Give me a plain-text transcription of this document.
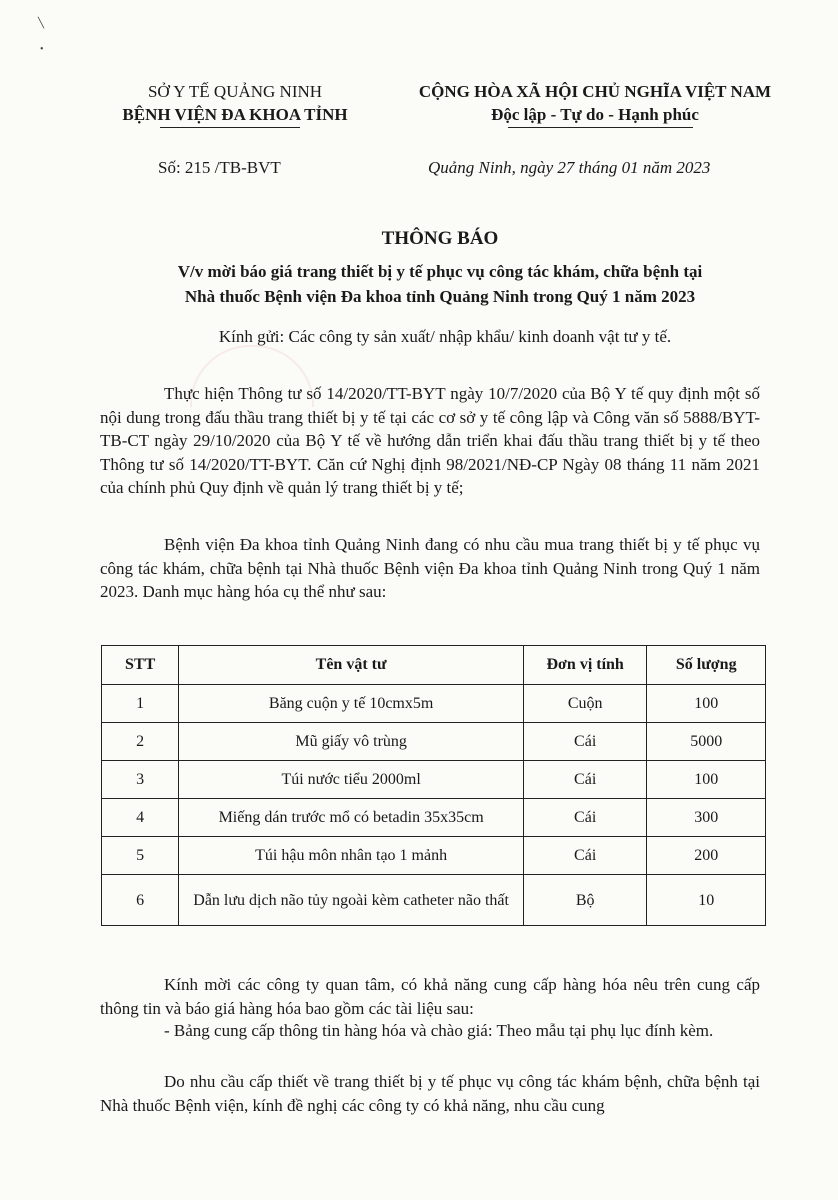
╲
•
SỞ Y TẾ QUẢNG NINH
BỆNH VIỆN ĐA KHOA TỈNH
CỘNG HÒA XÃ HỘI CHỦ NGHĨA VIỆT NAM
Độc lập - Tự do - Hạnh phúc
Số: 215 /TB-BVT	Quảng Ninh, ngày 27 tháng 01 năm 2023
THÔNG BÁO
V/v mời báo giá trang thiết bị y tế phục vụ công tác khám, chữa bệnh tại
Nhà thuốc Bệnh viện Đa khoa tỉnh Quảng Ninh trong Quý 1 năm 2023
Kính gửi: Các công ty sản xuất/ nhập khẩu/ kinh doanh vật tư y tế.
Thực hiện Thông tư số 14/2020/TT-BYT ngày 10/7/2020 của Bộ Y tế quy định một số nội dung trong đấu thầu trang thiết bị y tế tại các cơ sở y tế công lập và Công văn số 5888/BYT-TB-CT ngày 29/10/2020 của Bộ Y tế về hướng dẫn triển khai đấu thầu trang thiết bị y tế theo Thông tư số 14/2020/TT-BYT. Căn cứ Nghị định 98/2021/NĐ-CP Ngày 08 tháng 11 năm 2021 của chính phủ Quy định về quản lý trang thiết bị y tế;
Bệnh viện Đa khoa tỉnh Quảng Ninh đang có nhu cầu mua trang thiết bị y tế phục vụ công tác khám, chữa bệnh tại Nhà thuốc Bệnh viện Đa khoa tỉnh Quảng Ninh trong Quý 1 năm 2023. Danh mục hàng hóa cụ thể như sau:
STT	Tên vật tư	Đơn vị tính	Số lượng
1	Băng cuộn y tế 10cmx5m	Cuộn	100
2	Mũ giấy vô trùng	Cái	5000
3	Túi nước tiểu 2000ml	Cái	100
4	Miếng dán trước mổ có betadin 35x35cm	Cái	300
5	Túi hậu môn nhân tạo 1 mảnh	Cái	200
6	Dẫn lưu dịch não tủy ngoài kèm catheter não thất	Bộ	10
Kính mời các công ty quan tâm, có khả năng cung cấp hàng hóa nêu trên cung cấp thông tin và báo giá hàng hóa bao gồm các tài liệu sau:
- Bảng cung cấp thông tin hàng hóa và chào giá: Theo mẫu tại phụ lục đính kèm.
Do nhu cầu cấp thiết về trang thiết bị y tế phục vụ công tác khám bệnh, chữa bệnh tại Nhà thuốc Bệnh viện, kính đề nghị các công ty có khả năng, nhu cầu cung
